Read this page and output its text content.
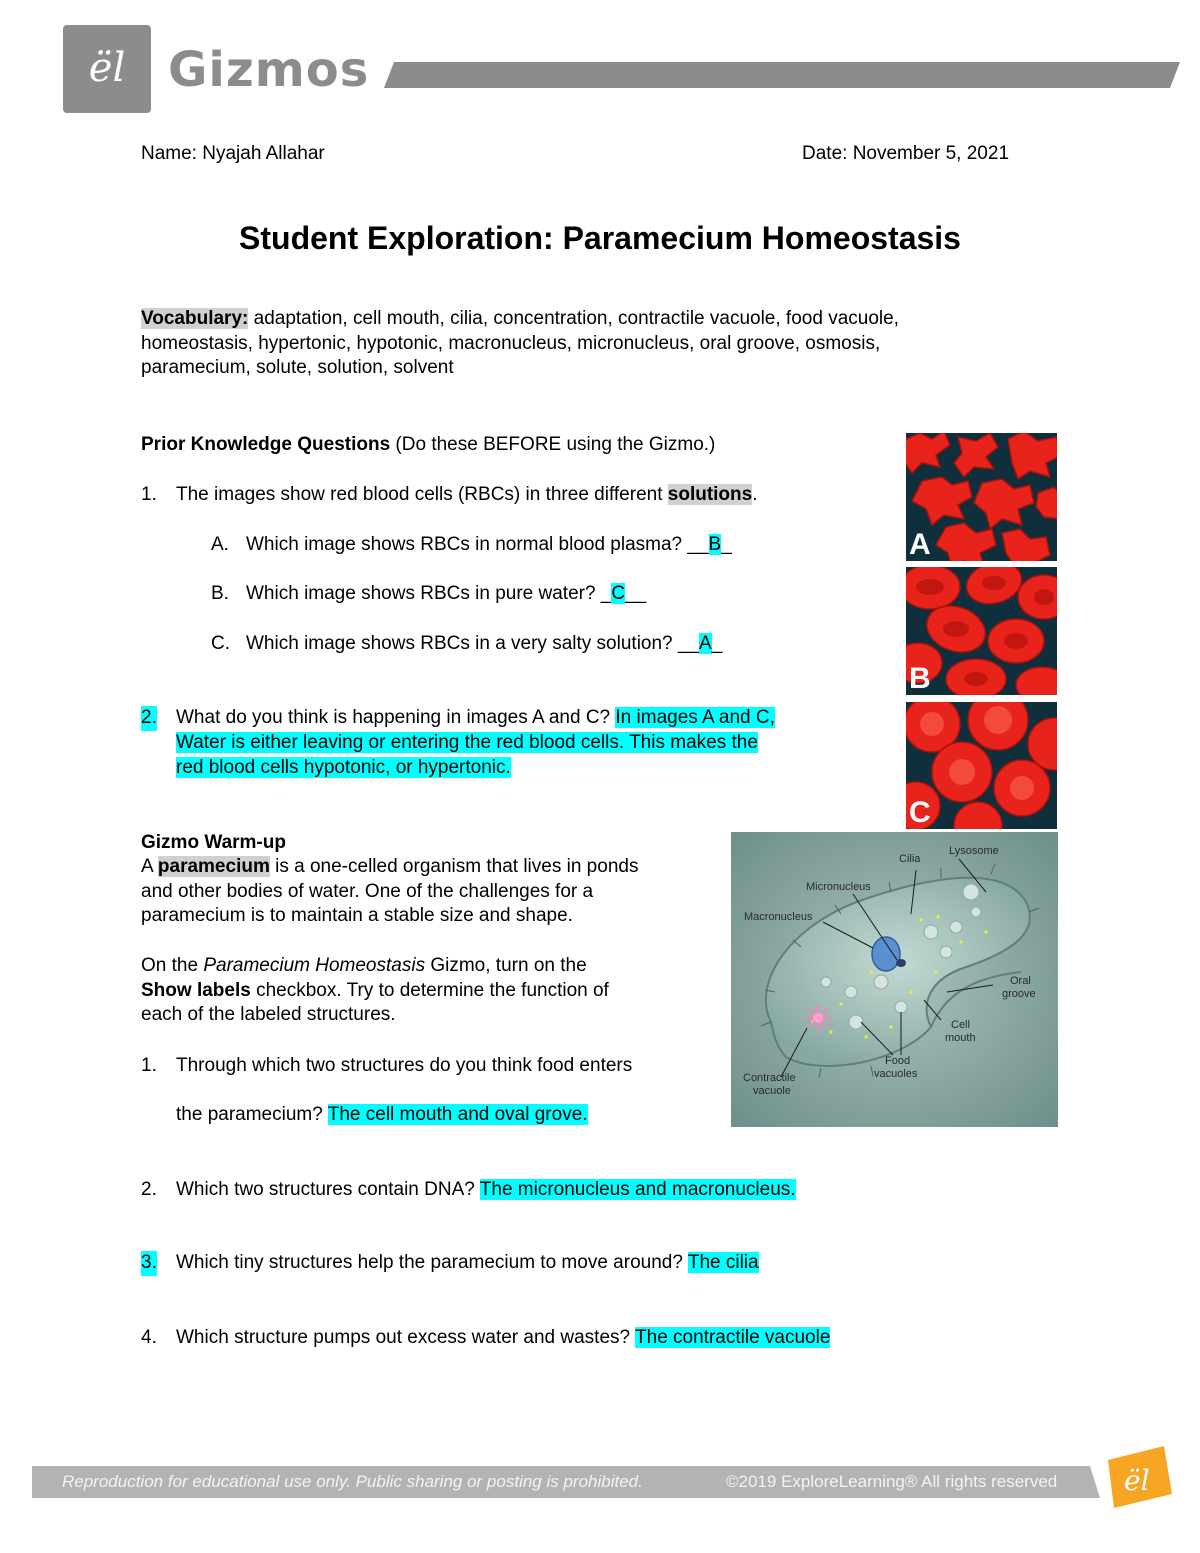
ël Gizmos
Name: Nyajah Allahar	Date: November 5, 2021
Student Exploration: Paramecium Homeostasis
Vocabulary: adaptation, cell mouth, cilia, concentration, contractile vacuole, food vacuole,
homeostasis, hypertonic, hypotonic, macronucleus, micronucleus, oral groove, osmosis,
paramecium, solute, solution, solvent
Prior Knowledge Questions (Do these BEFORE using the Gizmo.)
1. The images show red blood cells (RBCs) in three different solutions.
A. Which image shows RBCs in normal blood plasma? __B_
B. Which image shows RBCs in pure water? _C__
C. Which image shows RBCs in a very salty solution? __A_
2. What do you think is happening in images A and C? In images A and C,
Water is either leaving or entering the red blood cells. This makes the
red blood cells hypotonic, or hypertonic.
A
B
C
Gizmo Warm-up
A paramecium is a one-celled organism that lives in ponds
and other bodies of water. One of the challenges for a
paramecium is to maintain a stable size and shape.
On the Paramecium Homeostasis Gizmo, turn on the
Show labels checkbox. Try to determine the function of
each of the labeled structures.
1. Through which two structures do you think food enters
the paramecium? The cell mouth and oval grove.
2. Which two structures contain DNA? The micronucleus and macronucleus.
3. Which tiny structures help the paramecium to move around? The cilia
4. Which structure pumps out excess water and wastes? The contractile vacuole
Cilia
Lysosome
Micronucleus
Macronucleus
Oral
groove
Cell
mouth
Food
vacuoles
Contractile
vacuole
Reproduction for educational use only. Public sharing or posting is prohibited.	©2019 ExploreLearning® All rights reserved ël
